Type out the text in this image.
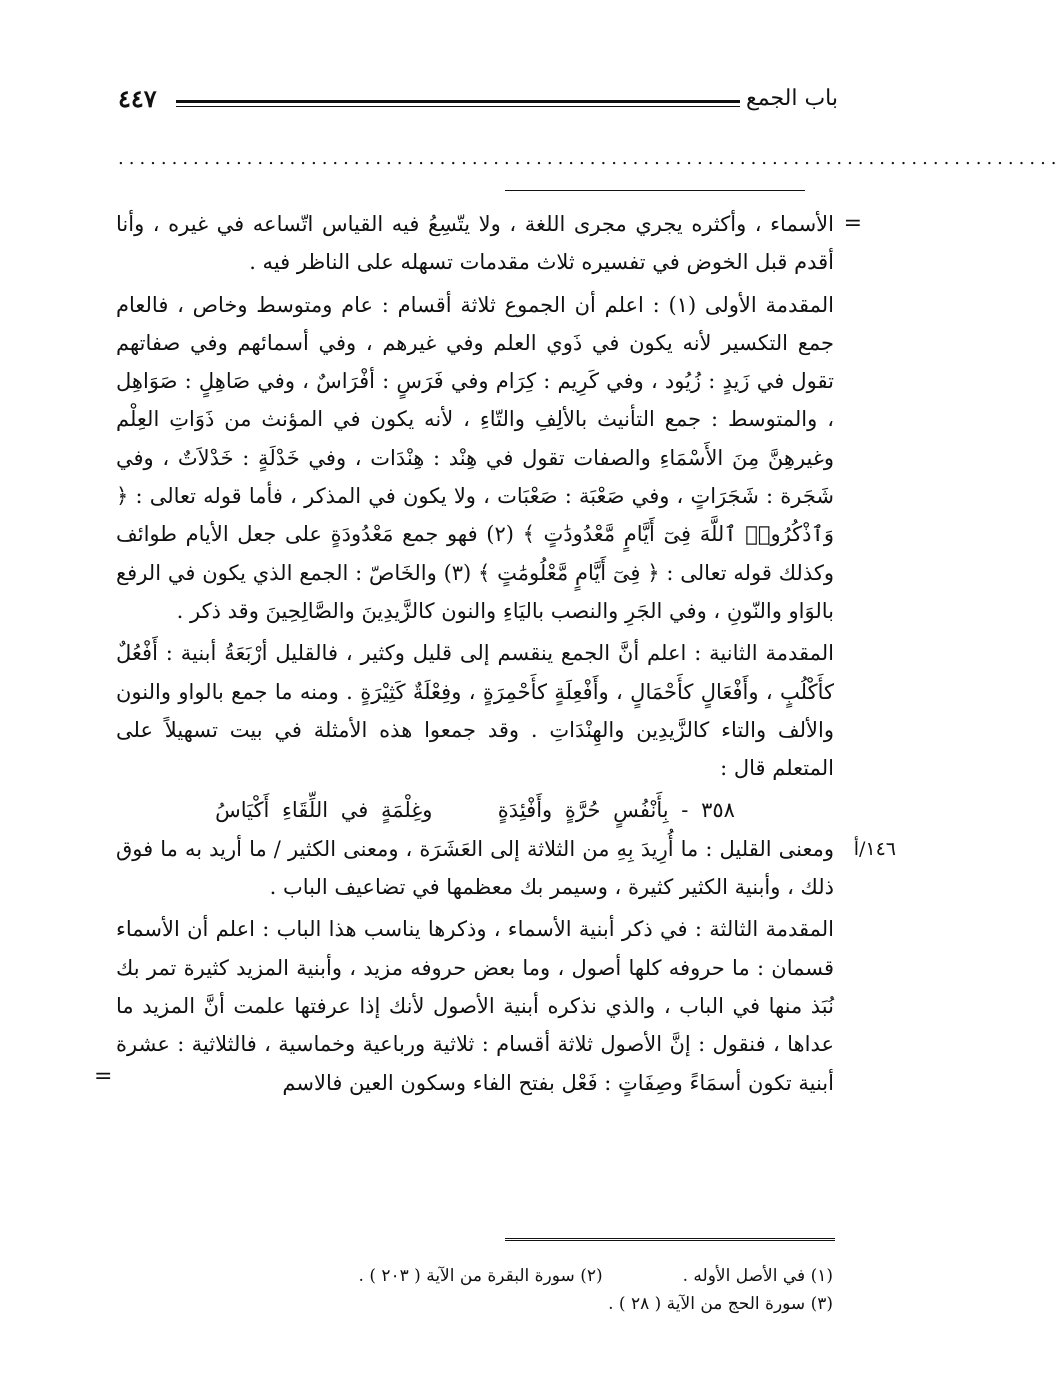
باب الجمع
٤٤٧
........................................................................................
=

الأسماء ، وأكثره يجري مجرى اللغة ، ولا يتّسِعُ فيه القياس اتّساعه في غيره ، وأنا أقدم قبل الخوض في تفسيره ثلاث مقدمات تسهله على الناظر فيه .

المقدمة الأولى (١) : اعلم أن الجموع ثلاثة أقسام : عام ومتوسط وخاص ، فالعام جمع التكسير لأنه يكون في ذَوي العلم وفي غيرهم ، وفي أسمائهم وفي صفاتهم تقول في زَيدٍ : زُيُود ، وفي كَرِيم : كِرَام وفي فَرَسٍ : أفْرَاسٌ ، وفي صَاهِلٍ : صَوَاهِل ، والمتوسط : جمع التأنيث بالألِفِ والتّاءِ ، لأنه يكون في المؤنث من ذَوَاتِ العِلْم وغيرهِنَّ مِنَ الأَسْمَاءِ والصفات تقول في هِنْد : هِنْدَات ، وفي خَدْلَةٍ : خَدْلاَتٌ ، وفي شَجَرة : شَجَرَاتٍ ، وفي صَعْبَة : صَعْبَات ، ولا يكون في المذكر ، فأما قوله تعالى : ﴿ وَٱذْكُرُوا۟ ٱللَّهَ فِىٓ أَيَّامٍ مَّعْدُودَٰتٍ ﴾ (٢) فهو جمع مَعْدُودَةٍ على جعل الأيام طوائف وكذلك قوله تعالى : ﴿ فِىٓ أَيَّامٍ مَّعْلُومَٰتٍ ﴾ (٣) والخَاصّ : الجمع الذي يكون في الرفع بالوَاو والنّونِ ، وفي الجَرِ والنصب باليَاءِ والنون كالزَّيدِينَ والصَّالِحِينَ وقد ذكر .

المقدمة الثانية : اعلم أنَّ الجمع ينقسم إلى قليل وكثير ، فالقليل أرْبَعَةُ أبنية : أَفْعُلٌ كأَكْلُبٍ ، وأَفْعَالٍ كأَحْمَالٍ ، وأَفْعِلَةٍ كأَحْمِرَةٍ ، وفِعْلَةٌ كَثِيْرَةٍ . ومنه ما جمع بالواو والنون والألف والتاء كالزَّيدِين والهِنْدَاتِ . وقد جمعوا هذه الأمثلة في بيت تسهيلاً على المتعلم قال :

٣٥٨ - بِأَنْفُسٍ حُرَّةٍ وأَفْئِدَةٍ  وغِلْمَةٍ في اللِّقَاءِ أَكْيَاسُ
١٤٦/أ

ومعنى القليل : ما أُرِيدَ بِهِ من الثلاثة إلى العَشَرَة ، ومعنى الكثير / ما أريد به ما فوق ذلك ، وأبنية الكثير كثيرة ، وسيمر بك معظمها في تضاعيف الباب .

المقدمة الثالثة : في ذكر أبنية الأسماء ، وذكرها يناسب هذا الباب : اعلم أن الأسماء قسمان : ما حروفه كلها أصول ، وما بعض حروفه مزيد ، وأبنية المزيد كثيرة تمر بك نُبَذ منها في الباب ، والذي نذكره أبنية الأصول لأنك إذا عرفتها علمت أنَّ المزيد ما عداها ، فنقول : إنَّ الأصول ثلاثة أقسام : ثلاثية ورباعية وخماسية ، فالثلاثية : عشرة أبنية تكون أسمَاءً وصِفَاتٍ : فَعْل بفتح الفاء وسكون العين فالاسم

=
(١) في الأصل الأوله .
(٢) سورة البقرة من الآية ( ٢٠٣ ) .
(٣) سورة الحج من الآية ( ٢٨ ) .
